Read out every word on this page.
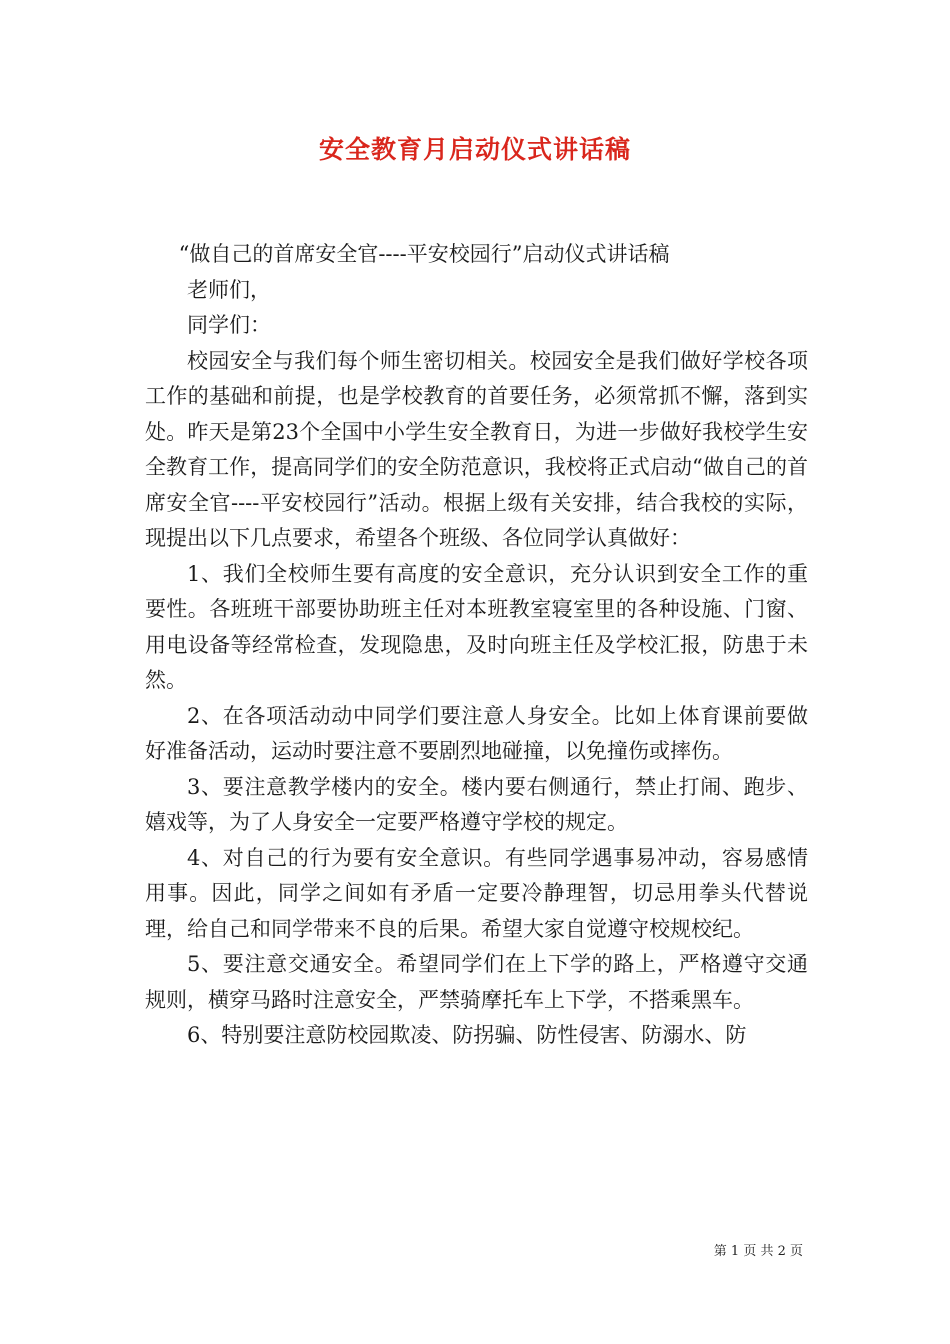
安全教育月启动仪式讲话稿

“做自己的首席安全官----平安校园行”启动仪式讲话稿

老师们，

同学们：

校园安全与我们每个师生密切相关。校园安全是我们做好学校各项工作的基础和前提，也是学校教育的首要任务，必须常抓不懈，落到实处。昨天是第23个全国中小学生安全教育日，为进一步做好我校学生安全教育工作，提高同学们的安全防范意识，我校将正式启动“做自己的首席安全官----平安校园行”活动。根据上级有关安排，结合我校的实际，现提出以下几点要求，希望各个班级、各位同学认真做好：

1、我们全校师生要有高度的安全意识，充分认识到安全工作的重要性。各班班干部要协助班主任对本班教室寝室里的各种设施、门窗、用电设备等经常检查，发现隐患，及时向班主任及学校汇报，防患于未然。

2、在各项活动动中同学们要注意人身安全。比如上体育课前要做好准备活动，运动时要注意不要剧烈地碰撞，以免撞伤或摔伤。

3、要注意教学楼内的安全。楼内要右侧通行，禁止打闹、跑步、嬉戏等，为了人身安全一定要严格遵守学校的规定。

4、对自己的行为要有安全意识。有些同学遇事易冲动，容易感情用事。因此，同学之间如有矛盾一定要冷静理智，切忌用拳头代替说理，给自己和同学带来不良的后果。希望大家自觉遵守校规校纪。

5、要注意交通安全。希望同学们在上下学的路上，严格遵守交通规则，横穿马路时注意安全，严禁骑摩托车上下学，不搭乘黑车。

6、特别要注意防校园欺凌、防拐骗、防性侵害、防溺水、防

第 1 页 共 2 页
